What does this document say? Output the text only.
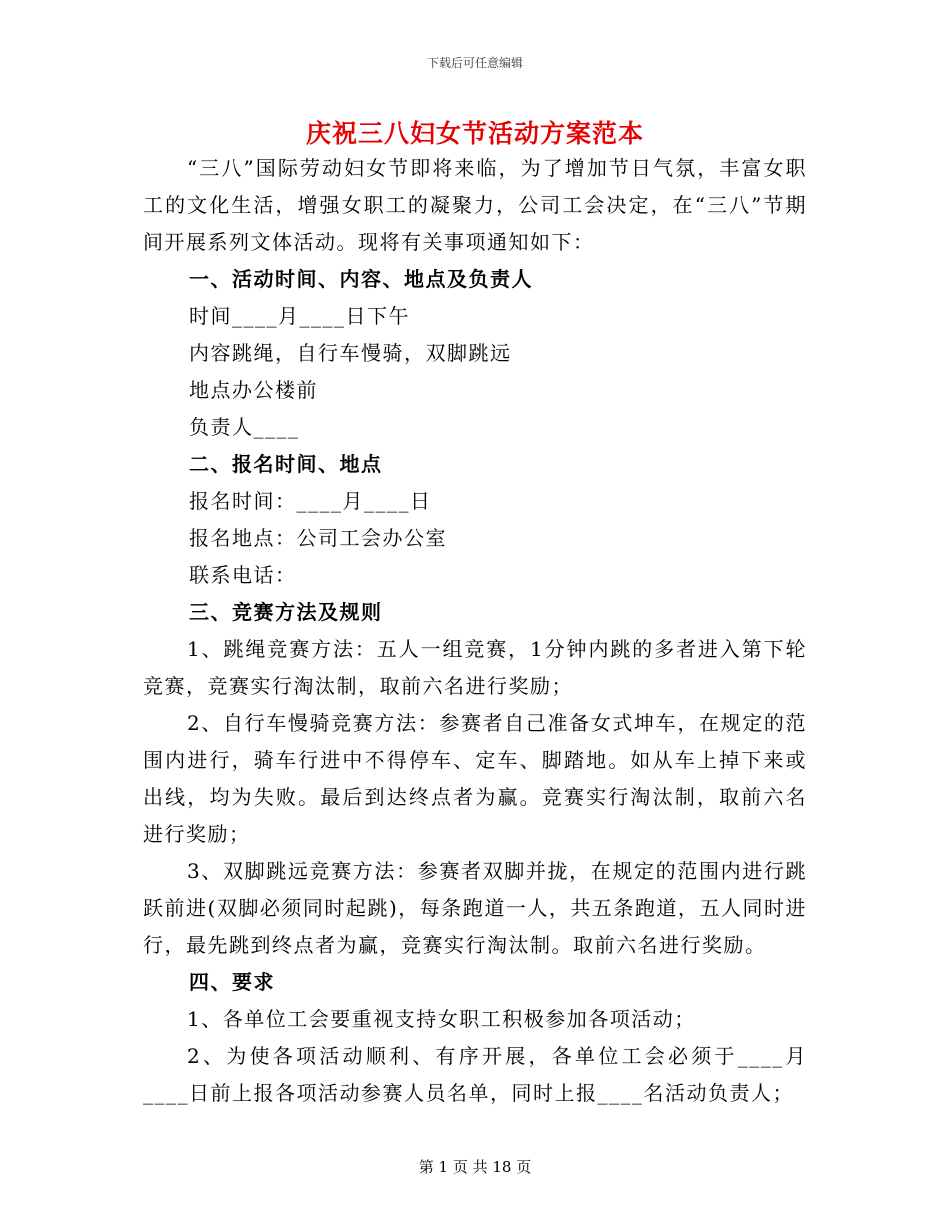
下载后可任意编辑
庆祝三八妇女节活动方案范本

“三八”国际劳动妇女节即将来临，为了增加节日气氛，丰富女职工的文化生活，增强女职工的凝聚力，公司工会决定，在“三八”节期间开展系列文体活动。现将有关事项通知如下：

一、活动时间、内容、地点及负责人

时间____月____日下午

内容跳绳，自行车慢骑，双脚跳远

地点办公楼前

负责人____

二、报名时间、地点

报名时间：____月____日

报名地点：公司工会办公室

联系电话：

三、竞赛方法及规则

1、跳绳竞赛方法：五人一组竞赛，1分钟内跳的多者进入第下轮竞赛，竞赛实行淘汰制，取前六名进行奖励；

2、自行车慢骑竞赛方法：参赛者自己准备女式坤车，在规定的范围内进行，骑车行进中不得停车、定车、脚踏地。如从车上掉下来或出线，均为失败。最后到达终点者为赢。竞赛实行淘汰制，取前六名进行奖励；

3、双脚跳远竞赛方法：参赛者双脚并拢，在规定的范围内进行跳跃前进(双脚必须同时起跳)，每条跑道一人，共五条跑道，五人同时进行，最先跳到终点者为赢，竞赛实行淘汰制。取前六名进行奖励。

四、要求

1、各单位工会要重视支持女职工积极参加各项活动；

2、为使各项活动顺利、有序开展，各单位工会必须于____月____日前上报各项活动参赛人员名单，同时上报____名活动负责人；

第 1 页 共 18 页
